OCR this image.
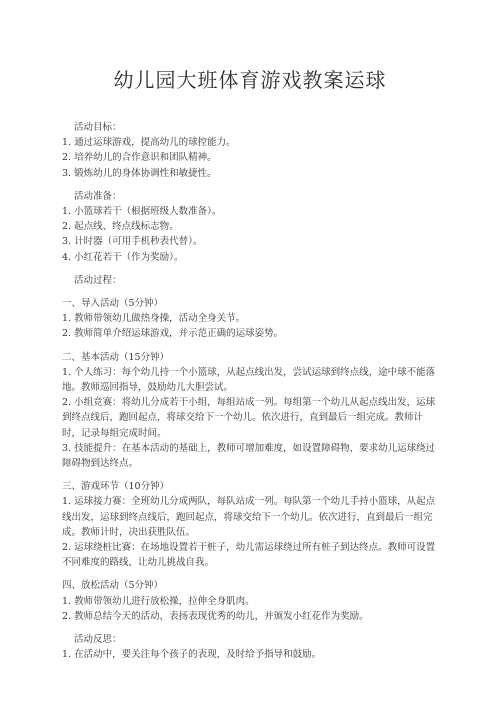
幼儿园大班体育游戏教案运球
活动目标：
1. 通过运球游戏，提高幼儿的球控能力。
2. 培养幼儿的合作意识和团队精神。
3. 锻炼幼儿的身体协调性和敏捷性。
活动准备：
1. 小篮球若干（根据班级人数准备）。
2. 起点线、终点线标志物。
3. 计时器（可用手机秒表代替）。
4. 小红花若干（作为奖励）。
活动过程：
一、导入活动（5分钟）
1. 教师带领幼儿做热身操，活动全身关节。
2. 教师简单介绍运球游戏，并示范正确的运球姿势。
二、基本活动（15分钟）
1. 个人练习：每个幼儿持一个小篮球，从起点线出发，尝试运球到终点线，途中球不能落地。教师巡回指导，鼓励幼儿大胆尝试。
2. 小组竞赛：将幼儿分成若干小组，每组站成一列。每组第一个幼儿从起点线出发，运球到终点线后，跑回起点，将球交给下一个幼儿。依次进行，直到最后一组完成。教师计时，记录每组完成时间。
3. 技能提升：在基本活动的基础上，教师可增加难度，如设置障碍物，要求幼儿运球绕过障碍物到达终点。
三、游戏环节（10分钟）
1. 运球接力赛：全班幼儿分成两队，每队站成一列。每队第一个幼儿手持小篮球，从起点线出发，运球到终点线后，跑回起点，将球交给下一个幼儿。依次进行，直到最后一组完成。教师计时，决出获胜队伍。
2. 运球绕桩比赛：在场地设置若干桩子，幼儿需运球绕过所有桩子到达终点。教师可设置不同难度的路线，让幼儿挑战自我。
四、放松活动（5分钟）
1. 教师带领幼儿进行放松操，拉伸全身肌肉。
2. 教师总结今天的活动，表扬表现优秀的幼儿，并颁发小红花作为奖励。
活动反思：
1. 在活动中，要关注每个孩子的表现，及时给予指导和鼓励。
